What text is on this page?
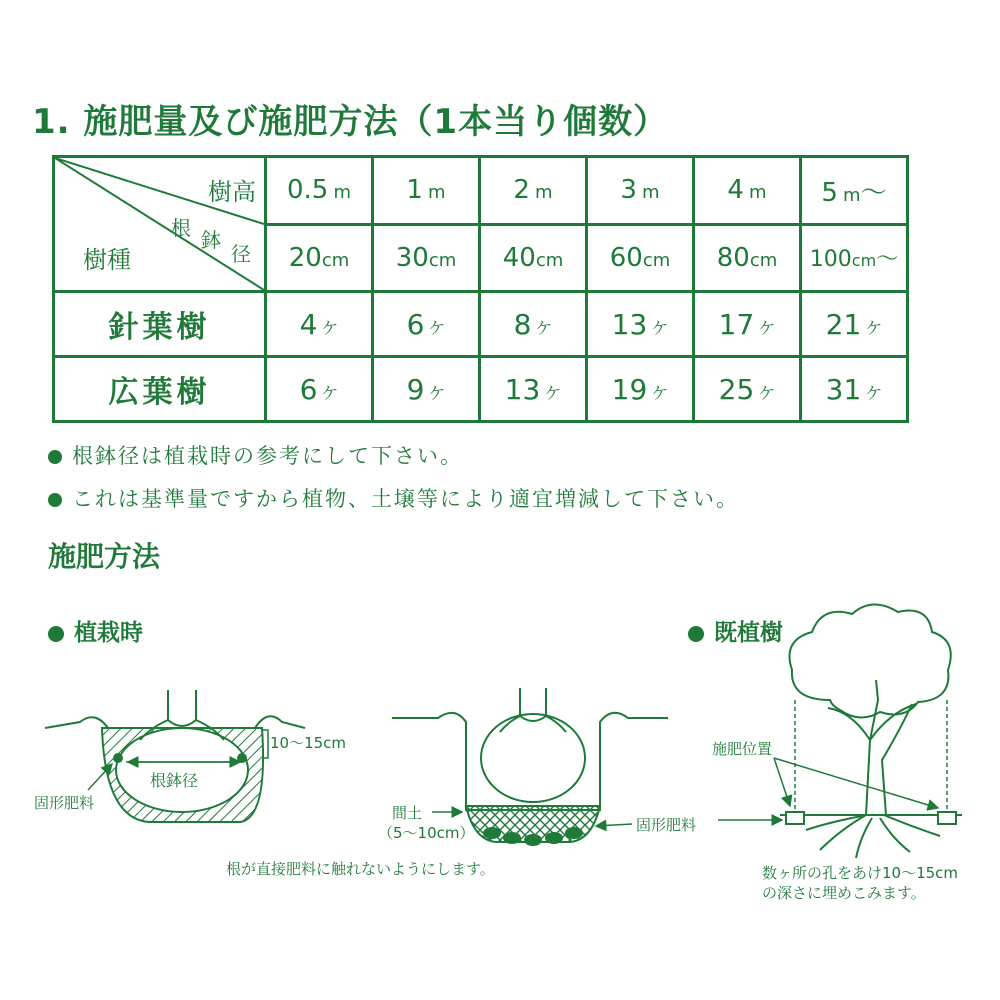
1. 施肥量及び施肥方法（1本当り個数）
樹高
根 鉢
径
樹種	0.5 m	1 m	2 m	3 m	4 m	5 m〜
	20cm	30cm	40cm	60cm	80cm	100cm〜
針葉樹	4 ケ	6 ケ	8 ケ	13 ケ	17 ケ	21 ケ
広葉樹	6 ケ	9 ケ	13 ケ	19 ケ	25 ケ	31 ケ
根鉢径は植栽時の参考にして下さい。
これは基準量ですから植物、土壌等により適宜増減して下さい。
施肥方法
植栽時	既植樹
10〜15cm
根鉢径
固形肥料
間土
（5〜10cm）	固形肥料
根が直接肥料に触れないようにします。
施肥位置
数ヶ所の孔をあけ10〜15cm
の深さに埋めこみます。
